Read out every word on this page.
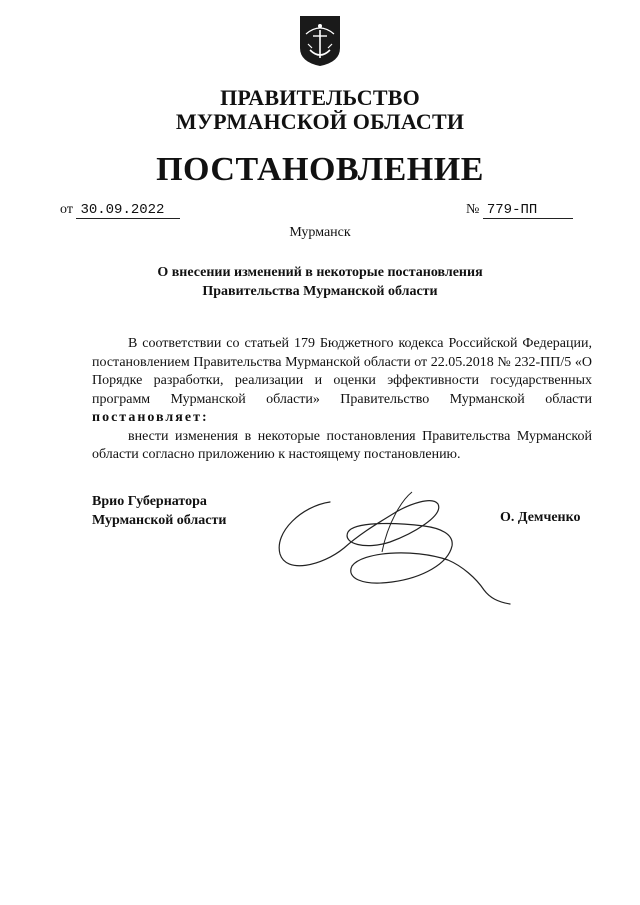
ПРАВИТЕЛЬСТВО
МУРМАНСКОЙ ОБЛАСТИ
ПОСТАНОВЛЕНИЕ
от 30.09.2022	№ 779-ПП
Мурманск
О внесении изменений в некоторые постановления
Правительства Мурманской области

В соответствии со статьей 179 Бюджетного кодекса Российской Федерации, постановлением Правительства Мурманской области от 22.05.2018 № 232-ПП/5 «О Порядке разработки, реализации и оценки эффективности государственных программ Мурманской области» Правительство Мурманской области постановляет:

внести изменения в некоторые постановления Правительства Мурманской области согласно приложению к настоящему постановлению.

Врио Губернатора
Мурманской области	О. Демченко
